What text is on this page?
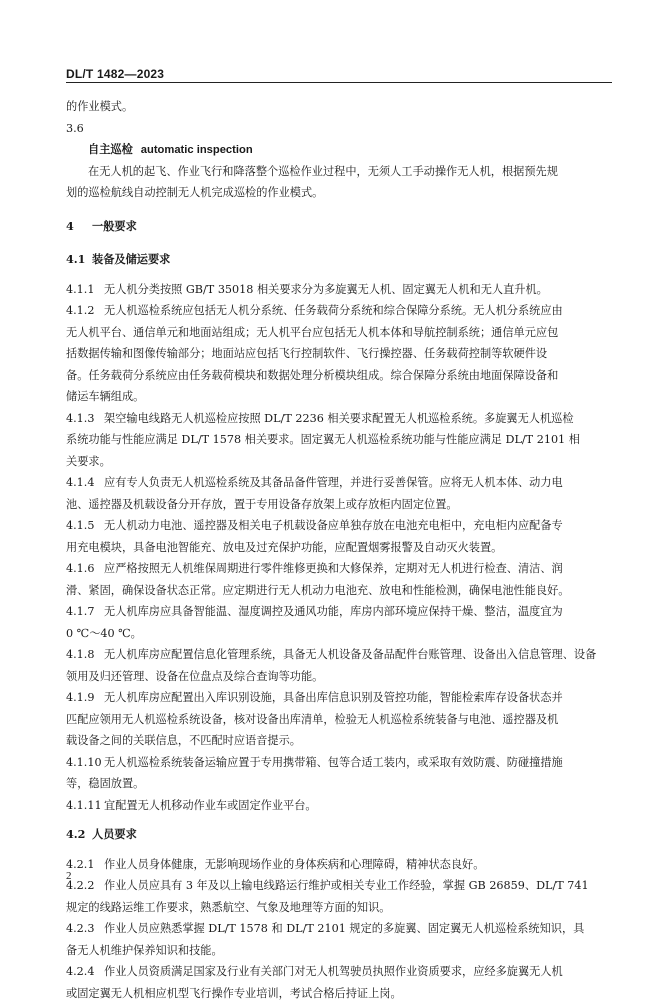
DL/T 1482—2023
的作业模式。
3.6
自主巡检 automatic inspection
在无人机的起飞、作业飞行和降落整个巡检作业过程中，无须人工手动操作无人机，根据预先规
划的巡检航线自动控制无人机完成巡检的作业模式。
4 一般要求
4.1 装备及储运要求
4.1.1 无人机分类按照 GB/T 35018 相关要求分为多旋翼无人机、固定翼无人机和无人直升机。
4.1.2 无人机巡检系统应包括无人机分系统、任务载荷分系统和综合保障分系统。无人机分系统应由
无人机平台、通信单元和地面站组成；无人机平台应包括无人机本体和导航控制系统；通信单元应包
括数据传输和图像传输部分；地面站应包括飞行控制软件、飞行操控器、任务载荷控制等软硬件设
备。任务载荷分系统应由任务载荷模块和数据处理分析模块组成。综合保障分系统由地面保障设备和
储运车辆组成。
4.1.3 架空输电线路无人机巡检应按照 DL/T 2236 相关要求配置无人机巡检系统。多旋翼无人机巡检
系统功能与性能应满足 DL/T 1578 相关要求。固定翼无人机巡检系统功能与性能应满足 DL/T 2101 相
关要求。
4.1.4 应有专人负责无人机巡检系统及其备品备件管理，并进行妥善保管。应将无人机本体、动力电
池、遥控器及机载设备分开存放，置于专用设备存放架上或存放柜内固定位置。
4.1.5 无人机动力电池、遥控器及相关电子机载设备应单独存放在电池充电柜中，充电柜内应配备专
用充电模块，具备电池智能充、放电及过充保护功能，应配置烟雾报警及自动灭火装置。
4.1.6 应严格按照无人机维保周期进行零件维修更换和大修保养，定期对无人机进行检查、清洁、润
滑、紧固，确保设备状态正常。应定期进行无人机动力电池充、放电和性能检测，确保电池性能良好。
4.1.7 无人机库房应具备智能温、湿度调控及通风功能，库房内部环境应保持干燥、整洁，温度宜为
0 ℃～40 ℃。
4.1.8 无人机库房应配置信息化管理系统，具备无人机设备及备品配件台账管理、设备出入信息管理、设备
领用及归还管理、设备在位盘点及综合查询等功能。
4.1.9 无人机库房应配置出入库识别设施，具备出库信息识别及管控功能，智能检索库存设备状态并
匹配应领用无人机巡检系统设备，核对设备出库清单，检验无人机巡检系统装备与电池、遥控器及机
载设备之间的关联信息，不匹配时应语音提示。
4.1.10 无人机巡检系统装备运输应置于专用携带箱、包等合适工装内，或采取有效防震、防碰撞措施
等，稳固放置。
4.1.11 宜配置无人机移动作业车或固定作业平台。
4.2 人员要求
4.2.1 作业人员身体健康，无影响现场作业的身体疾病和心理障碍，精神状态良好。
4.2.2 作业人员应具有 3 年及以上输电线路运行维护或相关专业工作经验，掌握 GB 26859、DL/T 741
规定的线路运维工作要求，熟悉航空、气象及地理等方面的知识。
4.2.3 作业人员应熟悉掌握 DL/T 1578 和 DL/T 2101 规定的多旋翼、固定翼无人机巡检系统知识，具
备无人机维护保养知识和技能。
4.2.4 作业人员资质满足国家及行业有关部门对无人机驾驶员执照作业资质要求，应经多旋翼无人机
或固定翼无人机相应机型飞行操作专业培训，考试合格后持证上岗。
2
